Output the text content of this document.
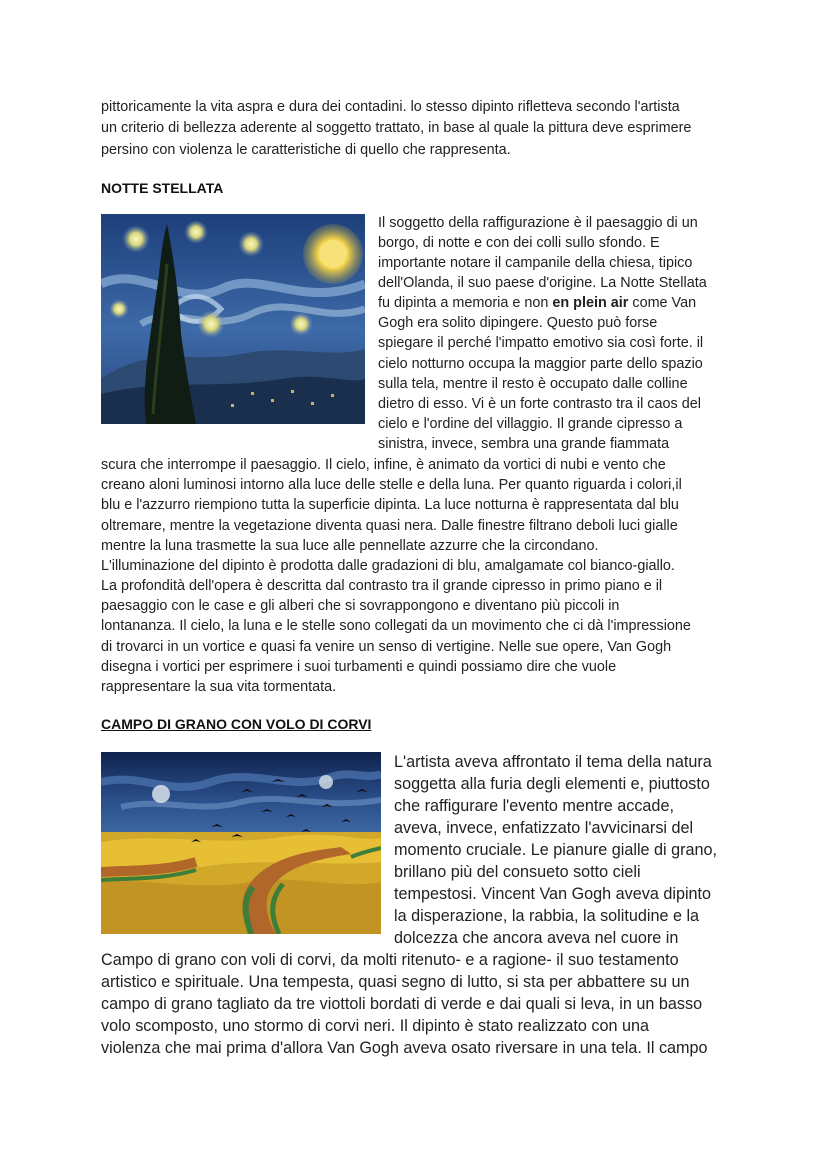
pittoricamente la vita aspra e dura dei contadini. lo stesso dipinto rifletteva secondo l'artista

un criterio di bellezza aderente al soggetto trattato, in base al quale la pittura deve esprimere

persino con violenza le caratteristiche di quello che rappresenta.

NOTTE STELLATA

Il soggetto della raffigurazione è il paesaggio di un

borgo, di notte e con dei colli sullo sfondo. E

importante notare il campanile della chiesa, tipico

dell'Olanda, il suo paese d'origine. La Notte Stellata

fu dipinta a memoria e non en plein air come Van

Gogh era solito dipingere. Questo può forse

spiegare il perché l'impatto emotivo sia così forte. il

cielo notturno occupa la maggior parte dello spazio

sulla tela, mentre il resto è occupato dalle colline

dietro di esso. Vi è un forte contrasto tra il caos del

cielo e l'ordine del villaggio. Il grande cipresso a

sinistra, invece, sembra una grande fiammata

scura che interrompe il paesaggio. Il cielo, infine, è animato da vortici di nubi e vento che

creano aloni luminosi intorno alla luce delle stelle e della luna. Per quanto riguarda i colori,il

blu e l'azzurro riempiono tutta la superficie dipinta. La luce notturna è rappresentata dal blu

oltremare, mentre la vegetazione diventa quasi nera. Dalle finestre filtrano deboli luci gialle

mentre la luna trasmette la sua luce alle pennellate azzurre che la circondano.

L'illuminazione del dipinto è prodotta dalle gradazioni di blu, amalgamate col bianco-giallo.

La profondità dell'opera è descritta dal contrasto tra il grande cipresso in primo piano e il

paesaggio con le case e gli alberi che si sovrappongono e diventano più piccoli in

lontananza. Il cielo, la luna e le stelle sono collegati da un movimento che ci dà l'impressione

di trovarci in un vortice e quasi fa venire un senso di vertigine. Nelle sue opere, Van Gogh

disegna i vortici per esprimere i suoi turbamenti e quindi possiamo dire che vuole

rappresentare la sua vita tormentata.

CAMPO DI GRANO CON VOLO DI CORVI

L'artista aveva affrontato il tema della natura

soggetta alla furia degli elementi e, piuttosto

che raffigurare l'evento mentre accade,

aveva, invece, enfatizzato l'avvicinarsi del

momento cruciale. Le pianure gialle di grano,

brillano più del consueto sotto cieli

tempestosi. Vincent Van Gogh aveva dipinto

la disperazione, la rabbia, la solitudine e la

dolcezza che ancora aveva nel cuore in

Campo di grano con voli di corvi, da molti ritenuto- e a ragione- il suo testamento

artistico e spirituale. Una tempesta, quasi segno di lutto, si sta per abbattere su un

campo di grano tagliato da tre viottoli bordati di verde e dai quali si leva, in un basso

volo scomposto, uno stormo di corvi neri. Il dipinto è stato realizzato con una

violenza che mai prima d'allora Van Gogh aveva osato riversare in una tela. Il campo
